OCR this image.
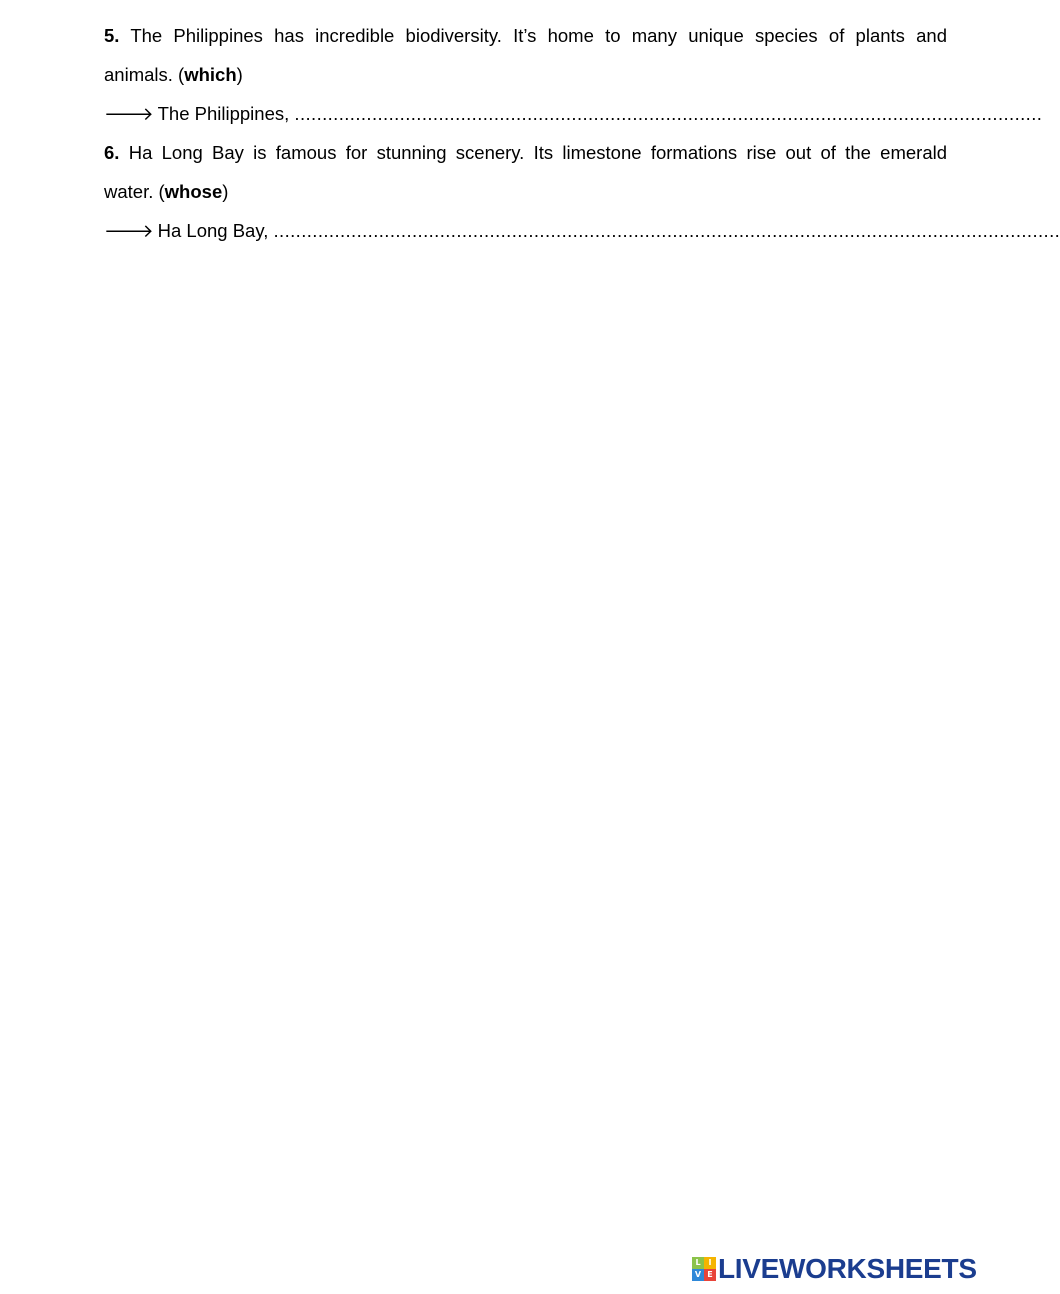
5. The Philippines has incredible biodiversity. It’s home to many unique species of plants and
animals. (which)
🡒 The Philippines, .......................................................................................................................................
6. Ha Long Bay is famous for stunning scenery. Its limestone formations rise out of the emerald
water. (whose)
🡒 Ha Long Bay, ..............................................................................................................................................
L I
V E LIVEWORKSHEETS
